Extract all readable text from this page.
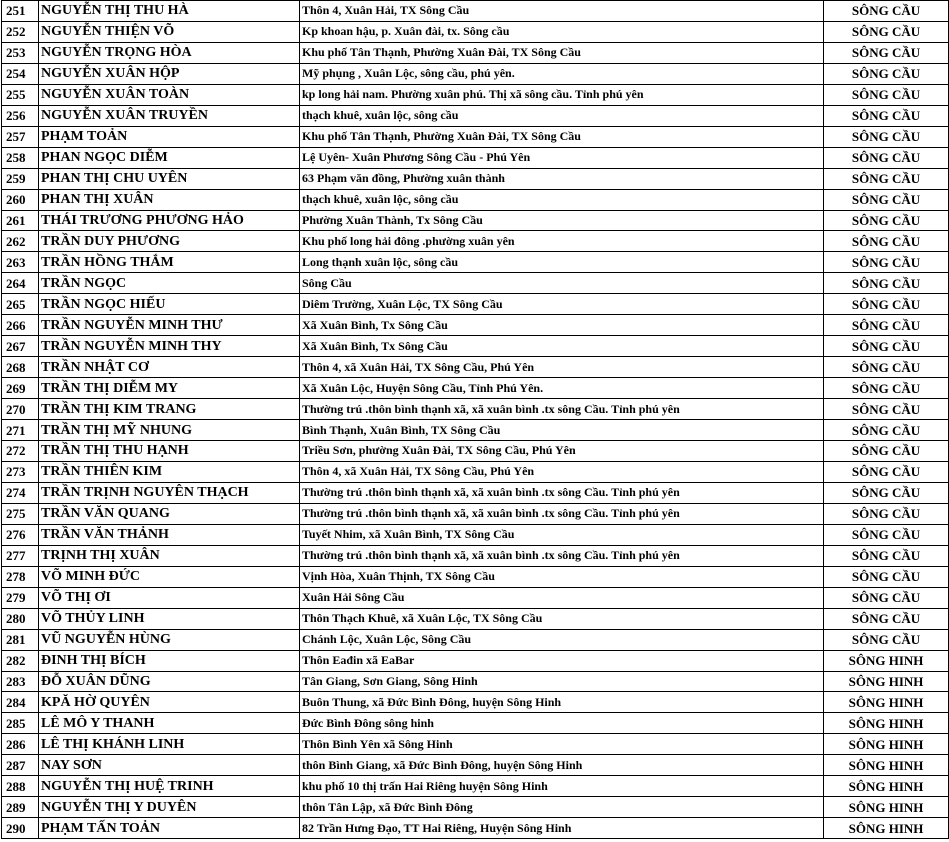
251	NGUYỄN THỊ THU HÀ	Thôn 4, Xuân Hải, TX Sông Cầu	SÔNG CẦU
252	NGUYỄN THIỆN VÕ	Kp khoan hậu, p. Xuân đài, tx. Sông cầu	SÔNG CẦU
253	NGUYỄN TRỌNG HÒA	Khu phố Tân Thạnh, Phường Xuân Đài, TX Sông Cầu	SÔNG CẦU
254	NGUYỄN XUÂN HỘP	Mỹ phụng , Xuân Lộc, sông cầu, phú yên.	SÔNG CẦU
255	NGUYỄN XUÂN TOÀN	kp long hải nam. Phường xuân phú. Thị xã sông cầu. Tỉnh phú yên	SÔNG CẦU
256	NGUYỄN XUÂN TRUYỀN	thạch khuê, xuân lộc, sông cầu	SÔNG CẦU
257	PHẠM TOẢN	Khu phố Tân Thạnh, Phường Xuân Đài, TX Sông Cầu	SÔNG CẦU
258	PHAN NGỌC DIỄM	Lệ Uyên- Xuân Phương Sông Cầu - Phú Yên	SÔNG CẦU
259	PHAN THỊ CHU UYÊN	63 Phạm văn đồng, Phường xuân thành	SÔNG CẦU
260	PHAN THỊ XUÂN	thạch khuê, xuân lộc, sông cầu	SÔNG CẦU
261	THÁI TRƯƠNG PHƯƠNG HẢO	Phường Xuân Thành, Tx Sông Cầu	SÔNG CẦU
262	TRẦN DUY PHƯƠNG	Khu phố long hải đông .phường xuân yên	SÔNG CẦU
263	TRẦN HỒNG THẮM	Long thạnh xuân lộc, sông cầu	SÔNG CẦU
264	TRẦN NGỌC	Sông Cầu	SÔNG CẦU
265	TRẦN NGỌC HIẾU	Diêm Trường, Xuân Lộc, TX Sông Cầu	SÔNG CẦU
266	TRẦN NGUYỄN MINH THƯ	Xã Xuân Bình, Tx Sông Cầu	SÔNG CẦU
267	TRẦN NGUYỄN MINH THY	Xã Xuân Bình, Tx Sông Cầu	SÔNG CẦU
268	TRẦN NHẬT CƠ	Thôn 4, xã Xuân Hải, TX Sông Cầu, Phú Yên	SÔNG CẦU
269	TRẦN THỊ DIỄM MY	Xã Xuân Lộc, Huyện Sông Cầu, Tỉnh Phú Yên.	SÔNG CẦU
270	TRẦN THỊ KIM TRANG	Thường trú .thôn bình thạnh xã, xã xuân bình .tx sông Cầu. Tỉnh phú yên	SÔNG CẦU
271	TRẦN THỊ MỸ NHUNG	Bình Thạnh, Xuân Bình, TX Sông Cầu	SÔNG CẦU
272	TRẦN THỊ THU HẠNH	Triều Sơn, phường Xuân Đài, TX Sông Cầu, Phú Yên	SÔNG CẦU
273	TRẦN THIÊN KIM	Thôn 4, xã Xuân Hải, TX Sông Cầu, Phú Yên	SÔNG CẦU
274	TRẦN TRỊNH NGUYÊN THẠCH	Thường trú .thôn bình thạnh xã, xã xuân bình .tx sông Cầu. Tỉnh phú yên	SÔNG CẦU
275	TRẦN VĂN QUANG	Thường trú .thôn bình thạnh xã, xã xuân bình .tx sông Cầu. Tỉnh phú yên	SÔNG CẦU
276	TRẦN VĂN THẢNH	Tuyết Nhim, xã Xuân Bình, TX Sông Cầu	SÔNG CẦU
277	TRỊNH THỊ XUÂN	Thường trú .thôn bình thạnh xã, xã xuân bình .tx sông Cầu. Tỉnh phú yên	SÔNG CẦU
278	VÕ MINH ĐỨC	Vịnh Hòa, Xuân Thịnh, TX Sông Cầu	SÔNG CẦU
279	VÕ THỊ ƠI	Xuân Hải Sông Cầu	SÔNG CẦU
280	VÕ THỦY LINH	Thôn Thạch Khuê, xã Xuân Lộc, TX Sông Cầu	SÔNG CẦU
281	VŨ NGUYỄN HÙNG	Chánh Lộc, Xuân Lộc, Sông Cầu	SÔNG CẦU
282	ĐINH THỊ BÍCH	Thôn Eađin xã EaBar	SÔNG HINH
283	ĐỖ XUÂN DŨNG	Tân Giang, Sơn Giang, Sông Hinh	SÔNG HINH
284	KPĂ HỜ QUYÊN	Buôn Thung, xã Đức Bình Đông, huyện Sông Hinh	SÔNG HINH
285	LÊ MÔ Y THANH	Đức Bình Đông sông hinh	SÔNG HINH
286	LÊ THỊ KHÁNH LINH	Thôn Bình Yên xã Sông Hinh	SÔNG HINH
287	NAY SƠN	thôn Bình Giang, xã Đức Bình Đông, huyện Sông Hinh	SÔNG HINH
288	NGUYỄN THỊ HUỆ TRINH	khu phố 10 thị trấn Hai Riêng huyện Sông Hinh	SÔNG HINH
289	NGUYỄN THỊ Y DUYÊN	thôn Tân Lập, xã Đức Bình Đông	SÔNG HINH
290	PHẠM TẤN TOẢN	82 Trần Hưng Đạo, TT Hai Riêng, Huyện Sông Hinh	SÔNG HINH
